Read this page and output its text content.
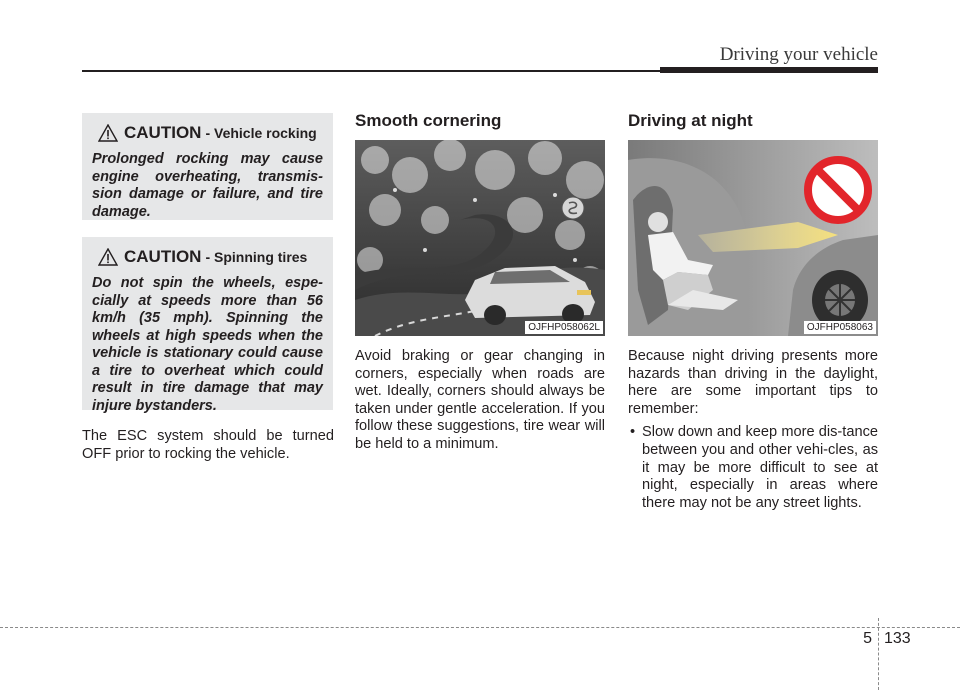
Driving your vehicle
CAUTION - Vehicle rocking
Prolonged rocking may cause engine overheating, transmis-sion damage or failure, and tire damage.
CAUTION - Spinning tires
Do not spin the wheels, espe-cially at speeds more than 56 km/h (35 mph). Spinning the wheels at high speeds when the vehicle is stationary could cause a tire to overheat which could result in tire damage that may injure bystanders.
The ESC system should be turned OFF prior to rocking the vehicle.
Smooth cornering
OJFHP058062L
Avoid braking or gear changing in corners, especially when roads are wet. Ideally, corners should always be taken under gentle acceleration. If you follow these suggestions, tire wear will be held to a minimum.
Driving at night
OJFHP058063
Because night driving presents more hazards than driving in the daylight, here are some important tips to remember:
• Slow down and keep more dis-tance between you and other vehi-cles, as it may be more difficult to see at night, especially in areas where there may not be any street lights.
5 133
